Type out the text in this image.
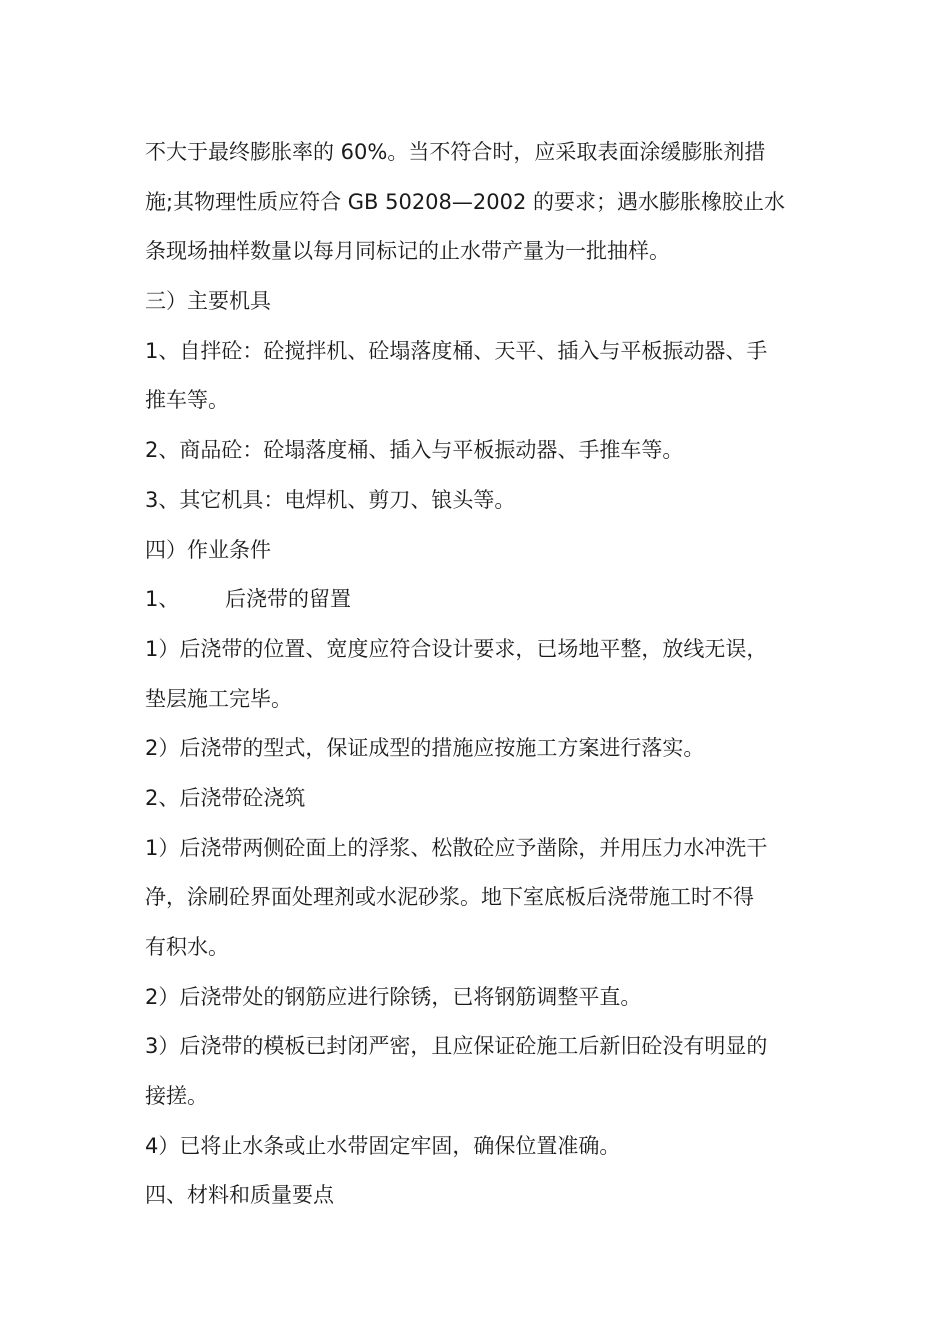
不大于最终膨胀率的 60%。当不符合时，应采取表面涂缓膨胀剂措
施;其物理性质应符合 GB 50208—2002 的要求；遇水膨胀橡胶止水
条现场抽样数量以每月同标记的止水带产量为一批抽样。
三）主要机具
1、自拌砼：砼搅拌机、砼塌落度桶、天平、插入与平板振动器、手
推车等。
2、商品砼：砼塌落度桶、插入与平板振动器、手推车等。
3、其它机具：电焊机、剪刀、锒头等。
四）作业条件
1、 后浇带的留置
1）后浇带的位置、宽度应符合设计要求，已场地平整，放线无误，
垫层施工完毕。
2）后浇带的型式，保证成型的措施应按施工方案进行落实。
2、后浇带砼浇筑
1）后浇带两侧砼面上的浮浆、松散砼应予凿除，并用压力水冲洗干
净，涂刷砼界面处理剂或水泥砂浆。地下室底板后浇带施工时不得
有积水。
2）后浇带处的钢筋应进行除锈，已将钢筋调整平直。
3）后浇带的模板已封闭严密，且应保证砼施工后新旧砼没有明显的
接搓。
4）已将止水条或止水带固定牢固，确保位置准确。
四、材料和质量要点
